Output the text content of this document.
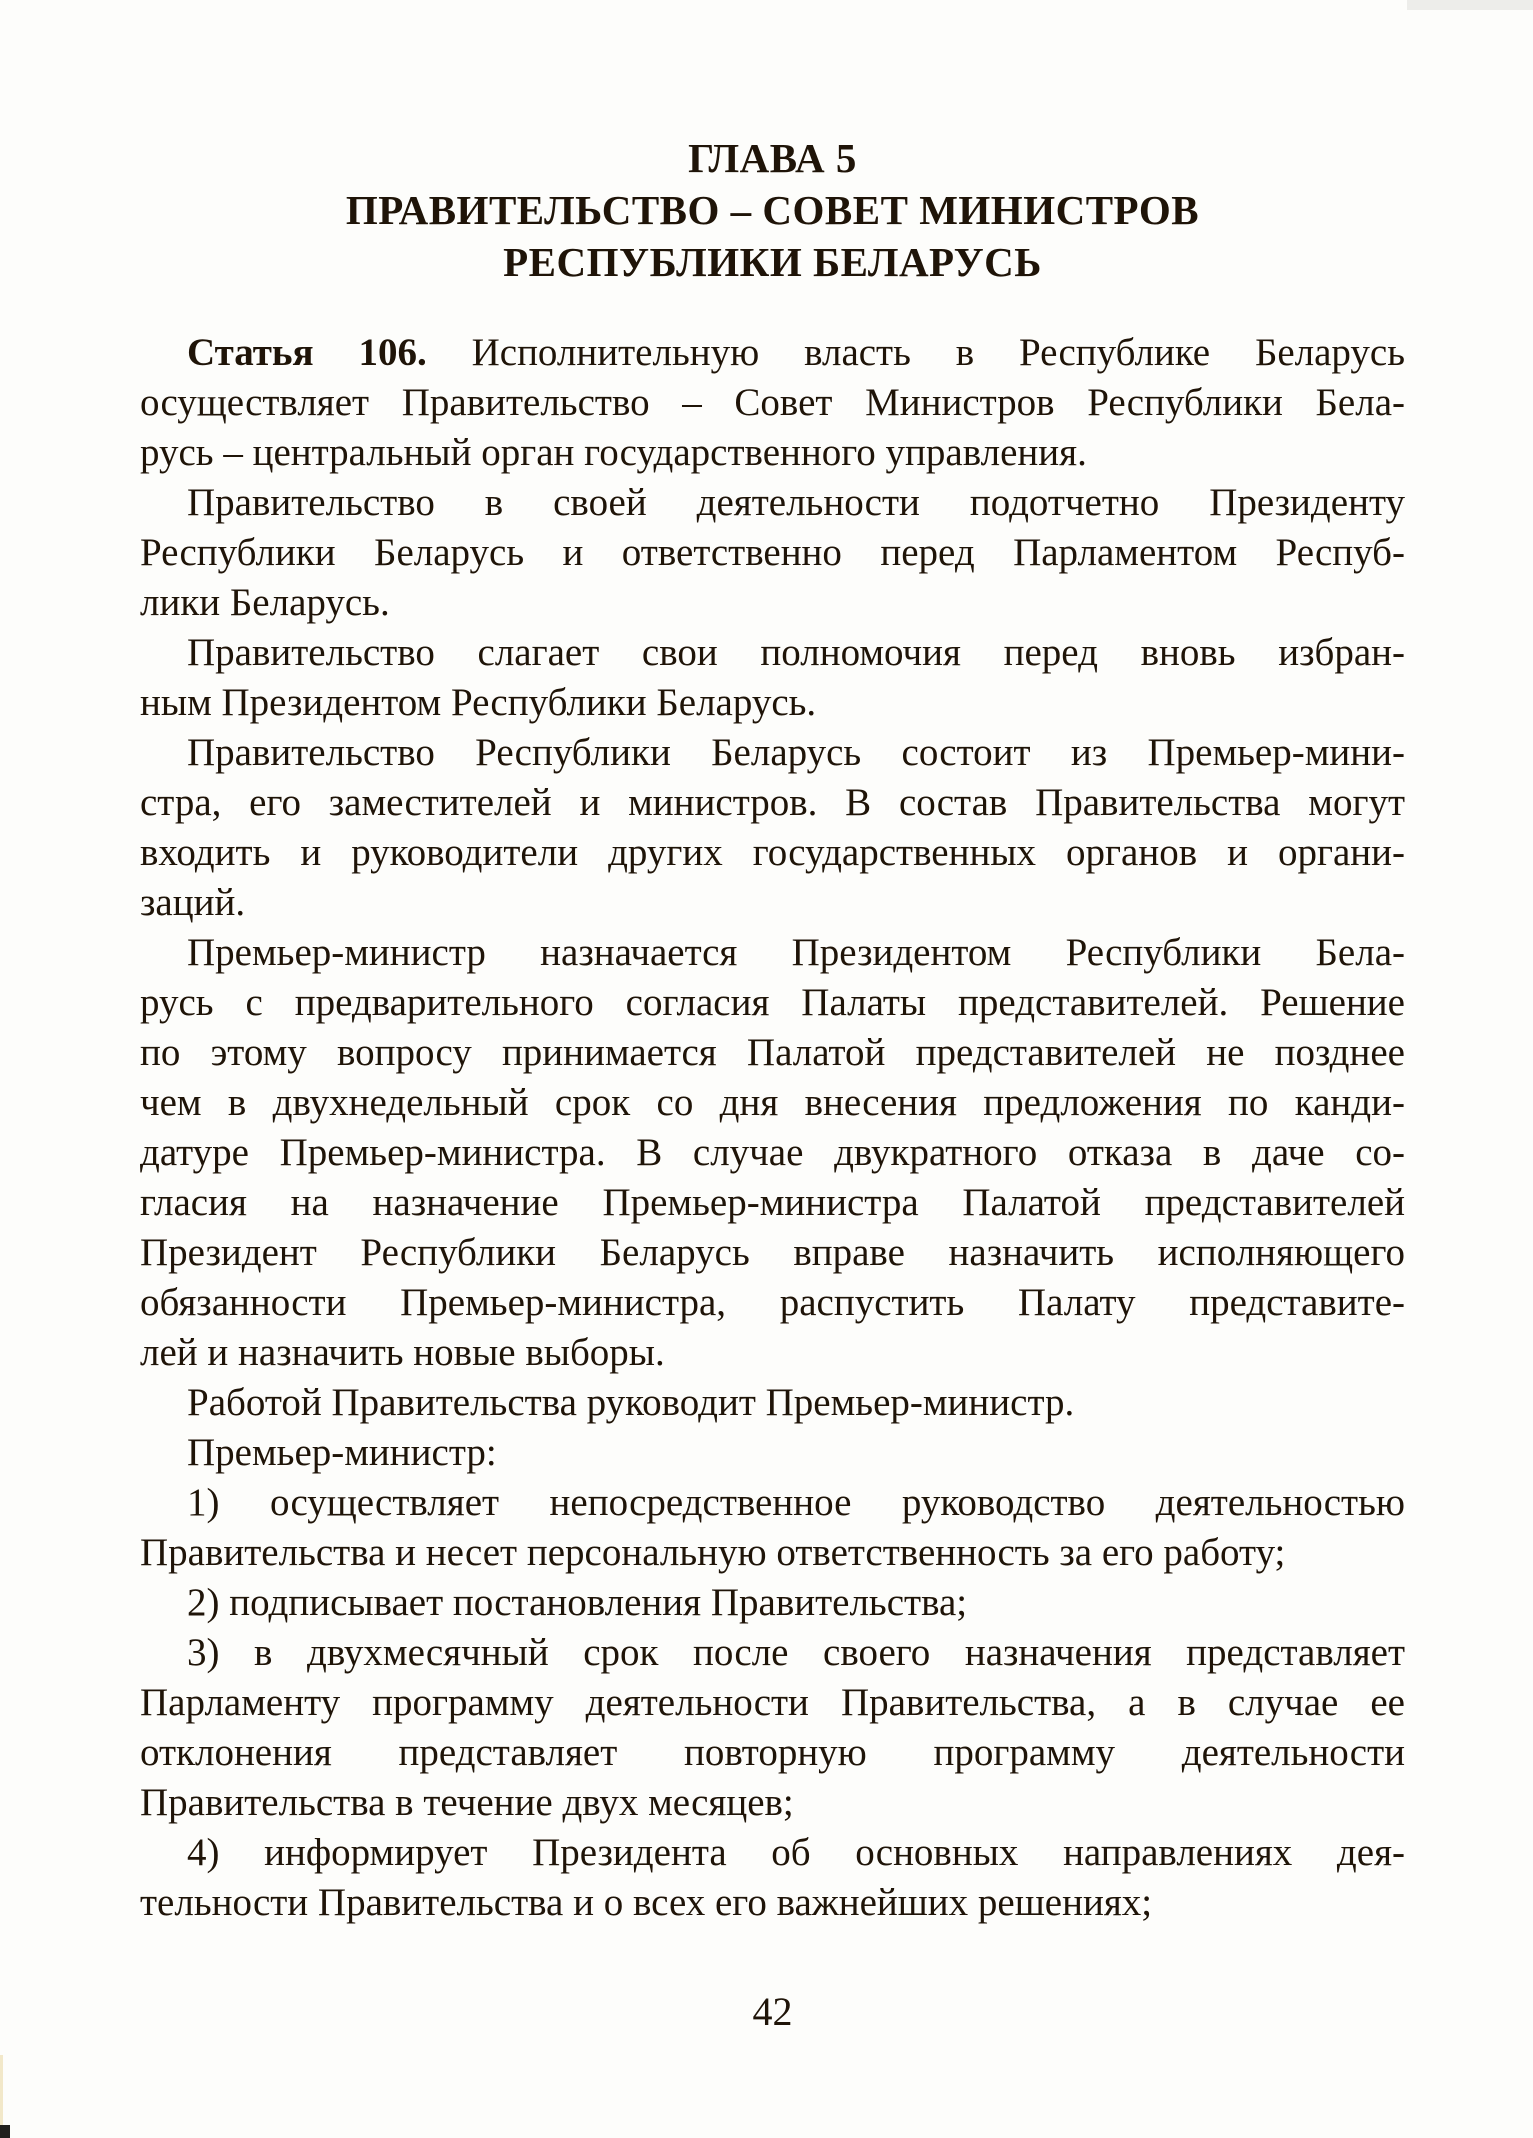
ГЛАВА 5
ПРАВИТЕЛЬСТВО – СОВЕТ МИНИСТРОВ
РЕСПУБЛИКИ БЕЛАРУСЬ
Статья 106. Исполнительную власть в Республике Беларусь
осуществляет Правительство – Совет Министров Республики Бела-
русь – центральный орган государственного управления.
Правительство в своей деятельности подотчетно Президенту
Республики Беларусь и ответственно перед Парламентом Респуб-
лики Беларусь.
Правительство слагает свои полномочия перед вновь избран-
ным Президентом Республики Беларусь.
Правительство Республики Беларусь состоит из Премьер-мини-
стра, его заместителей и министров. В состав Правительства могут
входить и руководители других государственных органов и органи-
заций.
Премьер-министр назначается Президентом Республики Бела-
русь с предварительного согласия Палаты представителей. Решение
по этому вопросу принимается Палатой представителей не позднее
чем в двухнедельный срок со дня внесения предложения по канди-
датуре Премьер-министра. В случае двукратного отказа в даче со-
гласия на назначение Премьер-министра Палатой представителей
Президент Республики Беларусь вправе назначить исполняющего
обязанности Премьер-министра, распустить Палату представите-
лей и назначить новые выборы.
Работой Правительства руководит Премьер-министр.
Премьер-министр:
1) осуществляет непосредственное руководство деятельностью
Правительства и несет персональную ответственность за его работу;
2) подписывает постановления Правительства;
3) в двухмесячный срок после своего назначения представляет
Парламенту программу деятельности Правительства, а в случае ее
отклонения представляет повторную программу деятельности
Правительства в течение двух месяцев;
4) информирует Президента об основных направлениях дея-
тельности Правительства и о всех его важнейших решениях;
42
